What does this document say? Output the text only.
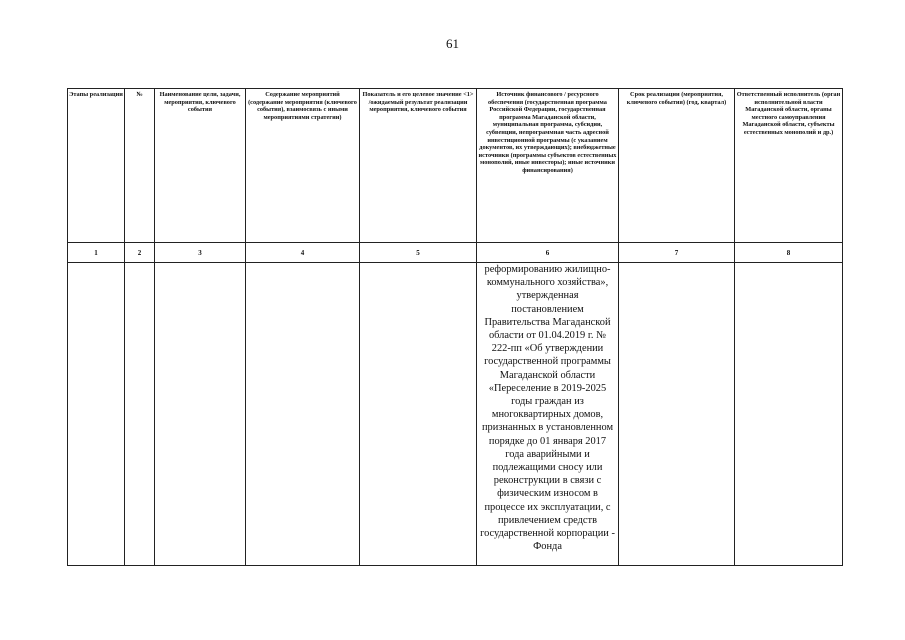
61
Этапы реализации	№	Наименование цели, задачи, мероприятия, ключевого события	Содержание мероприятий (содержание мероприятия (ключевого события), взаимосвязь с иными мероприятиями стратегии)	Показатель и его целевое значение <1> /ожидаемый результат реализации мероприятия, ключевого события	Источник финансового / ресурсного обеспечения (государственная программа Российской Федерации, государственная программа Магаданской области, муниципальная программа, субсидии, субвенции, непрограммная часть адресной инвестиционной программы (с указанием документов, их утверждающих); внебюджетные источники (программы субъектов естественных монополий, иные инвесторы); иные источники финансирования)	Срок реализации (мероприятия, ключевого события) (год, квартал)	Ответственный исполнитель (орган исполнительной власти Магаданской области, органы местного самоуправления Магаданской области, субъекты естественных монополий и др.)
1	2	3	4	5	6	7	8
					реформированию жилищно-коммунального хозяйства», утвержденная постановлением Правительства Магаданской области от 01.04.2019 г. № 222-пп «Об утверждении государственной программы Магаданской области «Переселение в 2019-2025 годы граждан из многоквартирных домов, признанных в установленном порядке до 01 января 2017 года аварийными и подлежащими сносу или реконструкции в связи с физическим износом в процессе их эксплуатации, с привлечением средств государственной корпорации - Фонда		
